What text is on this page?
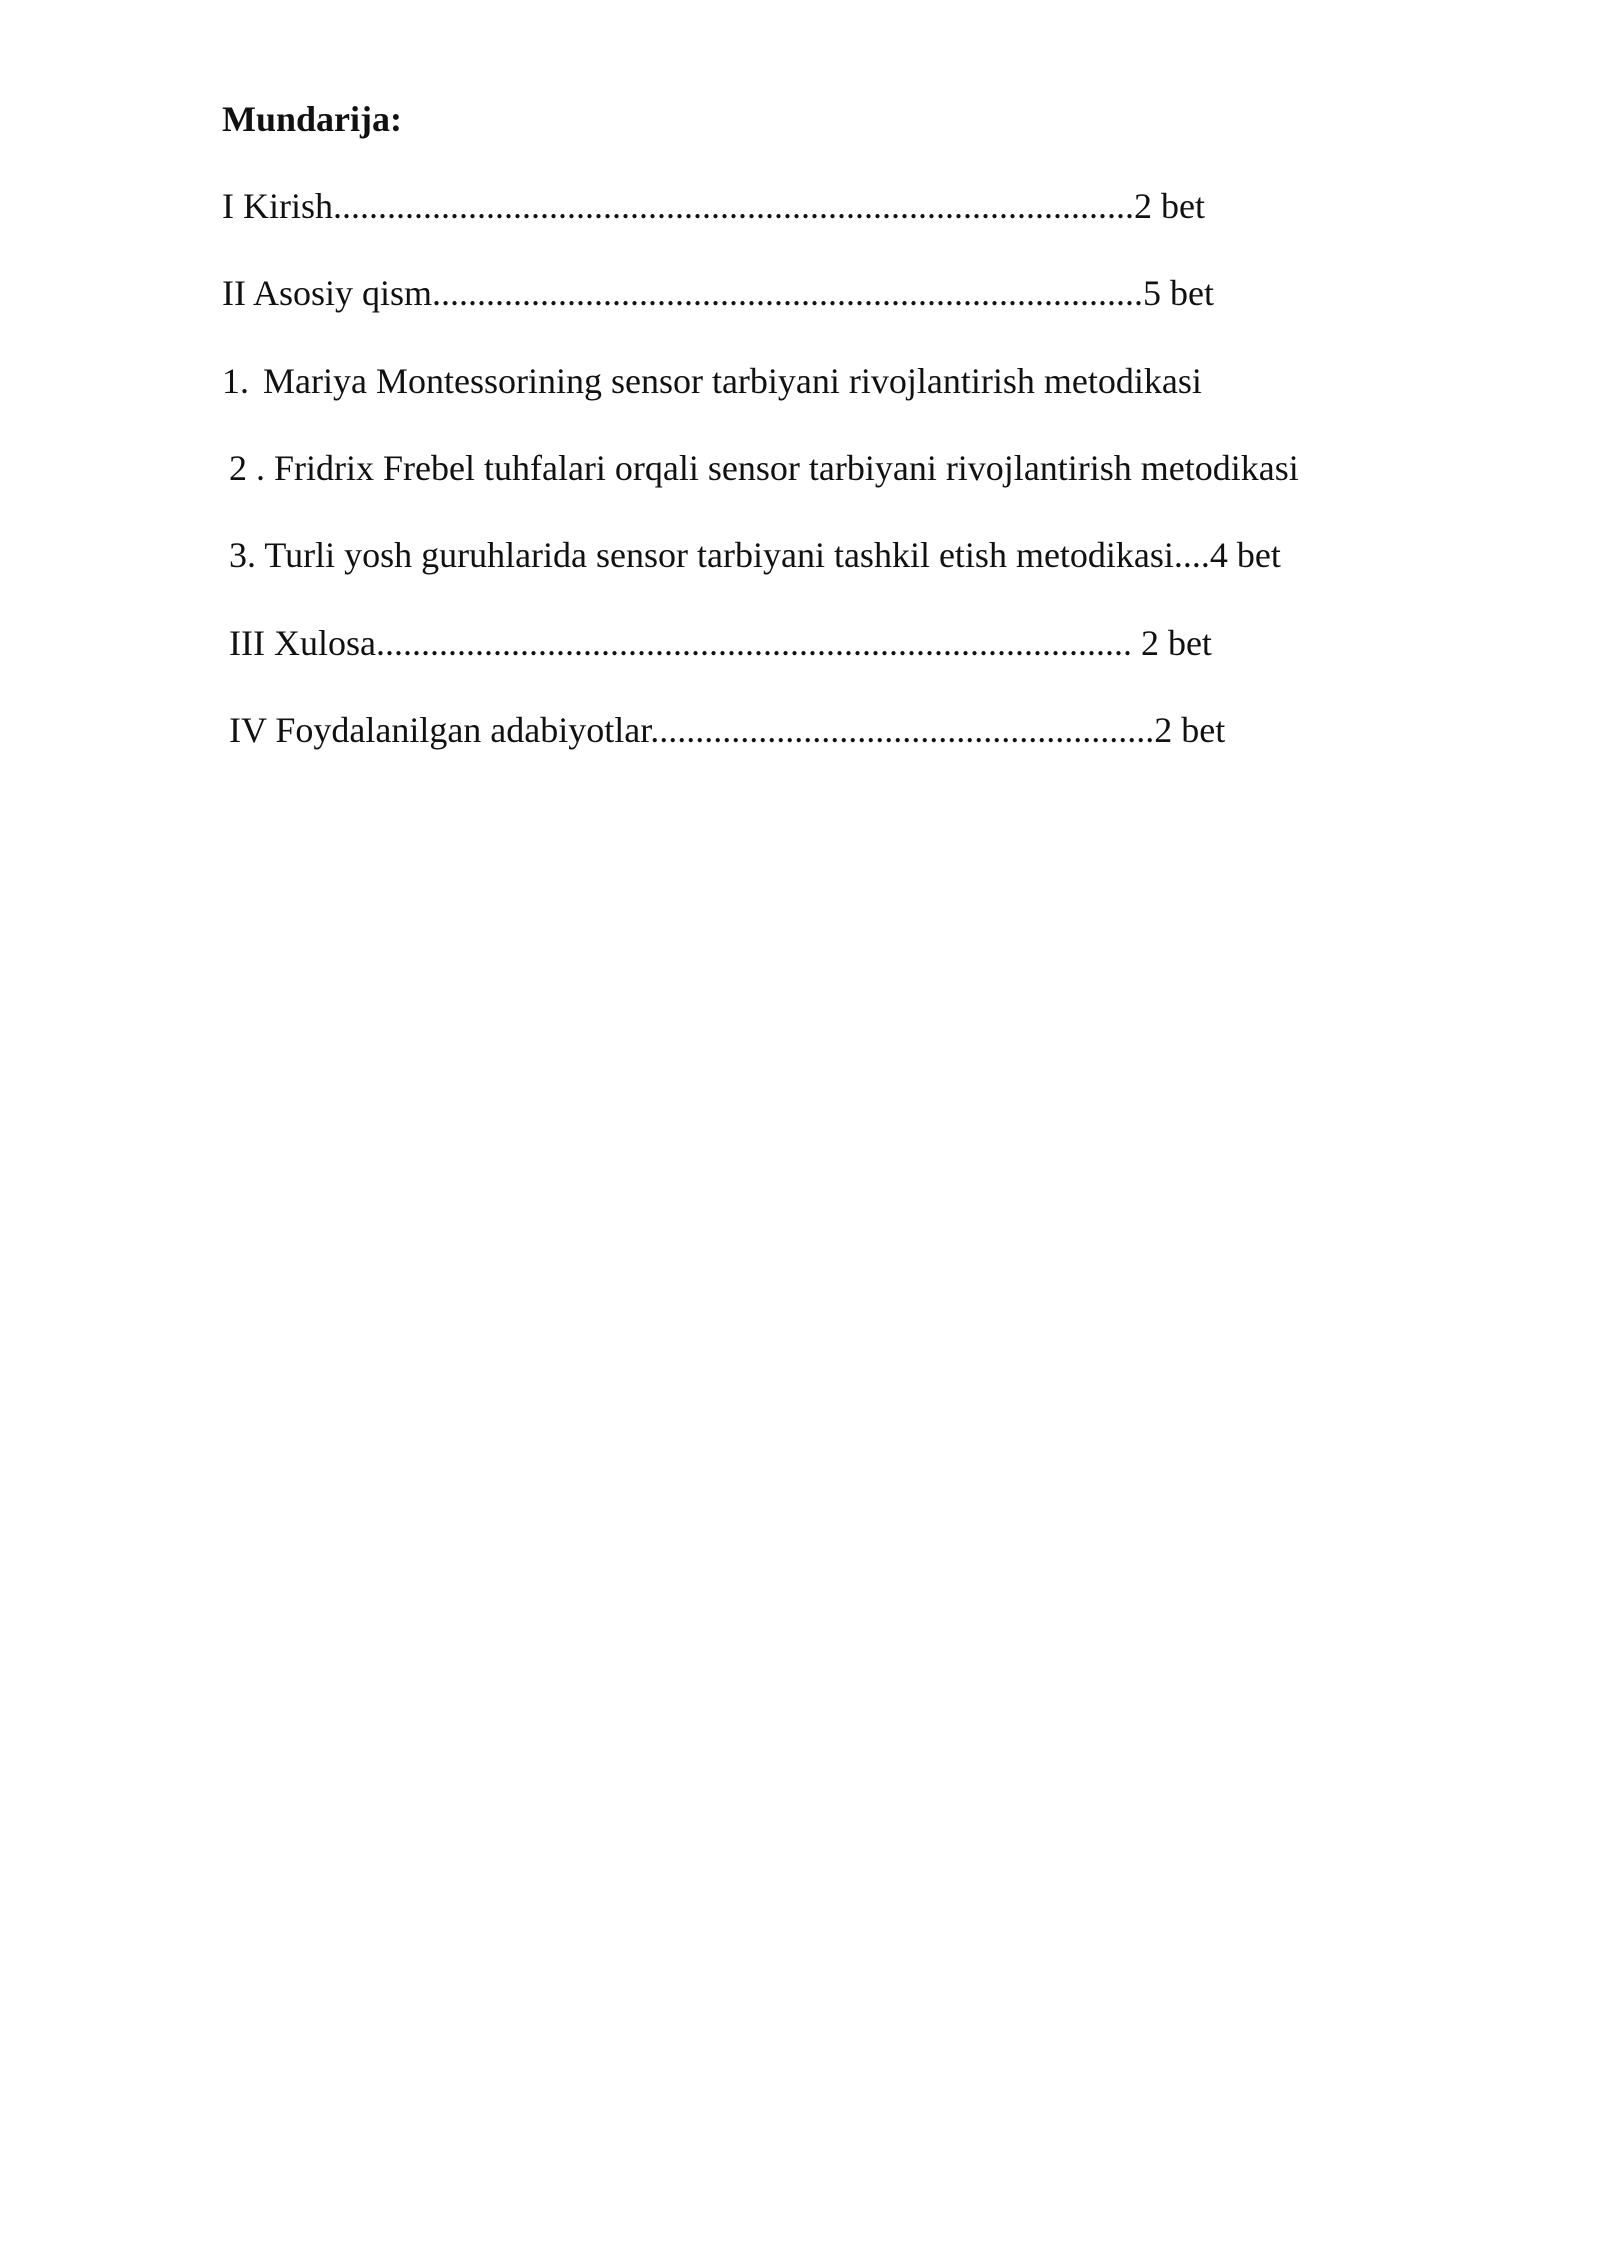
Mundarija:

I Kirish.........................................................................................2 bet

II Asosiy qism...............................................................................5 bet

1. Mariya Montessorining sensor tarbiyani rivojlantirish metodikasi

2 . Fridrix Frebel tuhfalari orqali sensor tarbiyani rivojlantirish metodikasi

3. Turli yosh guruhlarida sensor tarbiyani tashkil etish metodikasi....4 bet

III Xulosa.................................................................................... 2 bet

IV Foydalanilgan adabiyotlar........................................................2 bet
